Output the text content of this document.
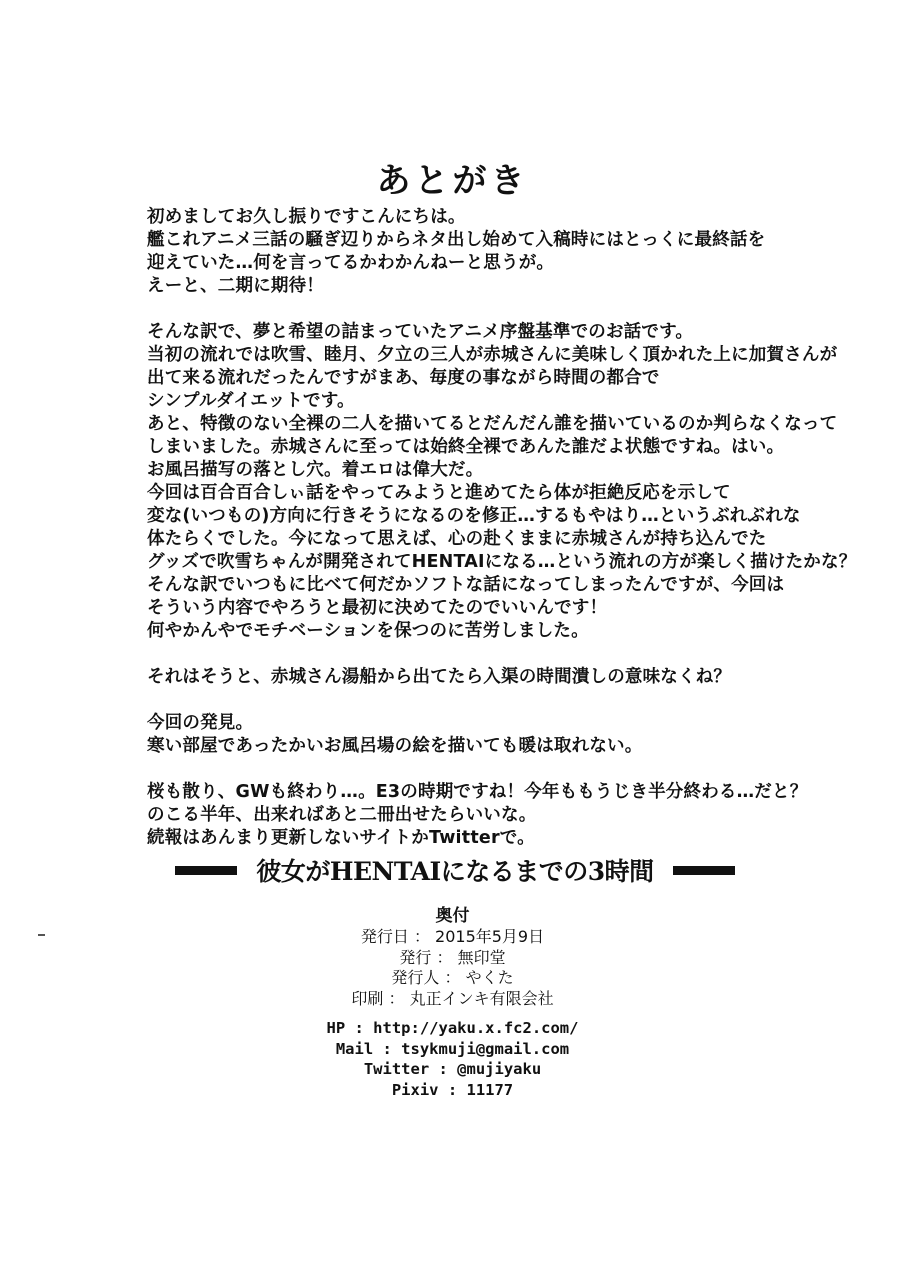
あとがき
初めましてお久し振りですこんにちは。
艦これアニメ三話の騒ぎ辺りからネタ出し始めて入稿時にはとっくに最終話を
迎えていた…何を言ってるかわかんねーと思うが。
えーと、二期に期待！
そんな訳で、夢と希望の詰まっていたアニメ序盤基準でのお話です。
当初の流れでは吹雪、睦月、夕立の三人が赤城さんに美味しく頂かれた上に加賀さんが
出て来る流れだったんですがまあ、毎度の事ながら時間の都合で
シンプルダイエットです。
あと、特徴のない全裸の二人を描いてるとだんだん誰を描いているのか判らなくなって
しまいました。赤城さんに至っては始終全裸であんた誰だよ状態ですね。はい。
お風呂描写の落とし穴。着エロは偉大だ。
今回は百合百合しぃ話をやってみようと進めてたら体が拒絶反応を示して
変な(いつもの)方向に行きそうになるのを修正…するもやはり…というぶれぶれな
体たらくでした。今になって思えば、心の赴くままに赤城さんが持ち込んでた
グッズで吹雪ちゃんが開発されてHENTAIになる…という流れの方が楽しく描けたかな？
そんな訳でいつもに比べて何だかソフトな話になってしまったんですが、今回は
そういう内容でやろうと最初に決めてたのでいいんです！
何やかんやでモチベーションを保つのに苦労しました。
それはそうと、赤城さん湯船から出てたら入渠の時間潰しの意味なくね？
今回の発見。
寒い部屋であったかいお風呂場の絵を描いても暖は取れない。
桜も散り、GWも終わり…。E3の時期ですね！今年ももうじき半分終わる…だと？
のこる半年、出来ればあと二冊出せたらいいな。
続報はあんまり更新しないサイトかTwitterで。
彼女がHENTAIになるまでの3時間
奥付
発行日 ： 2015年5月9日
発行 ： 無印堂
発行人 ： やくた
印刷 ： 丸正インキ有限会社
HP : http://yaku.x.fc2.com/
Mail : tsykmuji@gmail.com
Twitter : @mujiyaku
Pixiv : 11177
